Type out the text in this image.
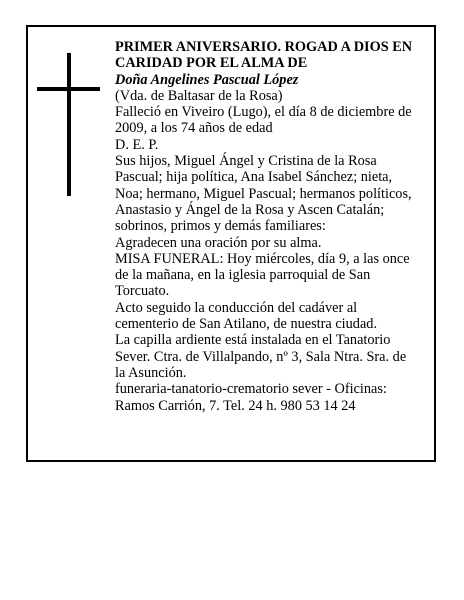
PRIMER ANIVERSARIO. ROGAD A DIOS EN CARIDAD POR EL ALMA DE

Doña Angelines Pascual López

(Vda. de Baltasar de la Rosa)

Falleció en Viveiro (Lugo), el día 8 de diciembre de 2009, a los 74 años de edad

D. E. P.

Sus hijos, Miguel Ángel y Cristina de la Rosa Pascual; hija política, Ana Isabel Sánchez; nieta, Noa; hermano, Miguel Pascual; hermanos políticos, Anastasio y Ángel de la Rosa y Ascen Catalán; sobrinos, primos y demás familiares:

Agradecen una oración por su alma.

MISA FUNERAL: Hoy miércoles, día 9, a las once de la mañana, en la iglesia parroquial de San Torcuato.

Acto seguido la conducción del cadáver al cementerio de San Atilano, de nuestra ciudad.

La capilla ardiente está instalada en el Tanatorio Sever. Ctra. de Villalpando, nº 3, Sala Ntra. Sra. de la Asunción.

funeraria-tanatorio-crematorio sever - Oficinas: Ramos Carrión, 7. Tel. 24 h. 980 53 14 24
